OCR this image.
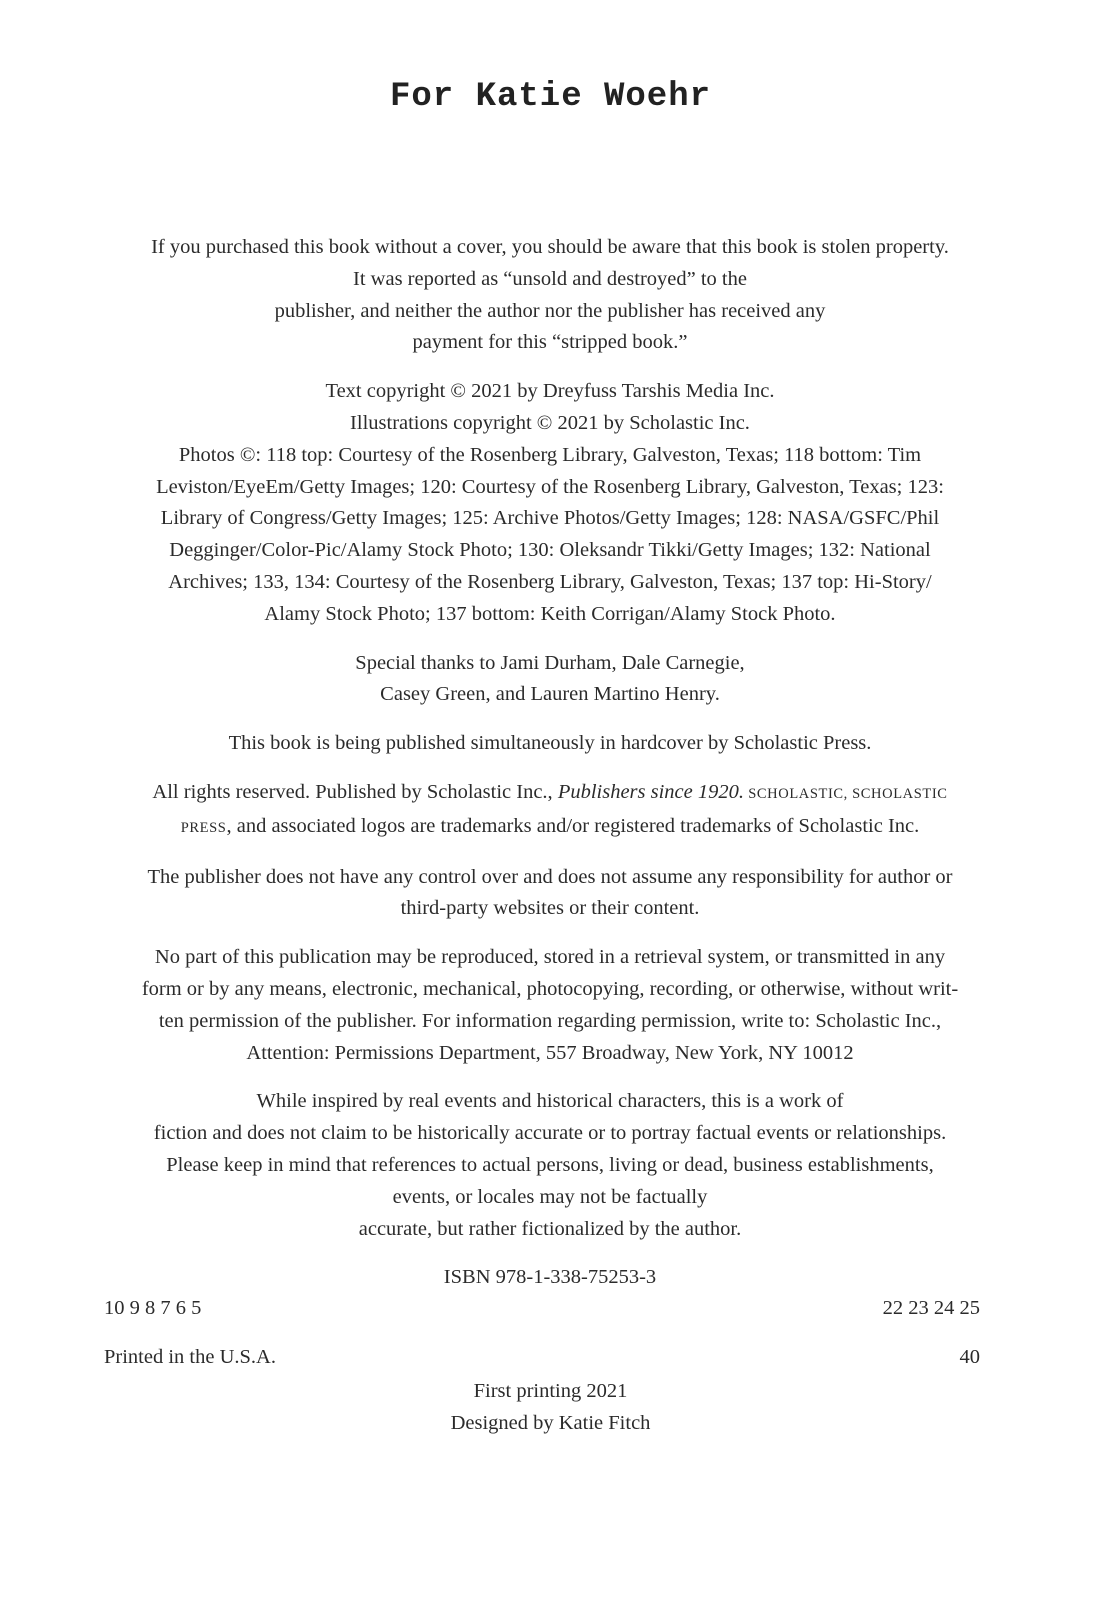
For Katie Woehr
If you purchased this book without a cover, you should be aware that this book is stolen property.
It was reported as “unsold and destroyed” to the
publisher, and neither the author nor the publisher has received any
payment for this “stripped book.”
Text copyright © 2021 by Dreyfuss Tarshis Media Inc.
Illustrations copyright © 2021 by Scholastic Inc.
Photos ©: 118 top: Courtesy of the Rosenberg Library, Galveston, Texas; 118 bottom: Tim
Leviston/EyeEm/Getty Images; 120: Courtesy of the Rosenberg Library, Galveston, Texas; 123:
Library of Congress/Getty Images; 125: Archive Photos/Getty Images; 128: NASA/GSFC/Phil
Degginger/Color-Pic/Alamy Stock Photo; 130: Oleksandr Tikki/Getty Images; 132: National
Archives; 133, 134: Courtesy of the Rosenberg Library, Galveston, Texas; 137 top: Hi-Story/
Alamy Stock Photo; 137 bottom: Keith Corrigan/Alamy Stock Photo.
Special thanks to Jami Durham, Dale Carnegie,
Casey Green, and Lauren Martino Henry.
This book is being published simultaneously in hardcover by Scholastic Press.
All rights reserved. Published by Scholastic Inc., Publishers since 1920. SCHOLASTIC, SCHOLASTIC
PRESS, and associated logos are trademarks and/or registered trademarks of Scholastic Inc.
The publisher does not have any control over and does not assume any responsibility for author or
third-party websites or their content.
No part of this publication may be reproduced, stored in a retrieval system, or transmitted in any
form or by any means, electronic, mechanical, photocopying, recording, or otherwise, without writ-
ten permission of the publisher. For information regarding permission, write to: Scholastic Inc.,
Attention: Permissions Department, 557 Broadway, New York, NY 10012
While inspired by real events and historical characters, this is a work of
fiction and does not claim to be historically accurate or to portray factual events or relationships.
Please keep in mind that references to actual persons, living or dead, business establishments,
events, or locales may not be factually
accurate, but rather fictionalized by the author.
ISBN 978-1-338-75253-3
10 9 8 7 6 5	22 23 24 25
Printed in the U.S.A.	40
First printing 2021
Designed by Katie Fitch
